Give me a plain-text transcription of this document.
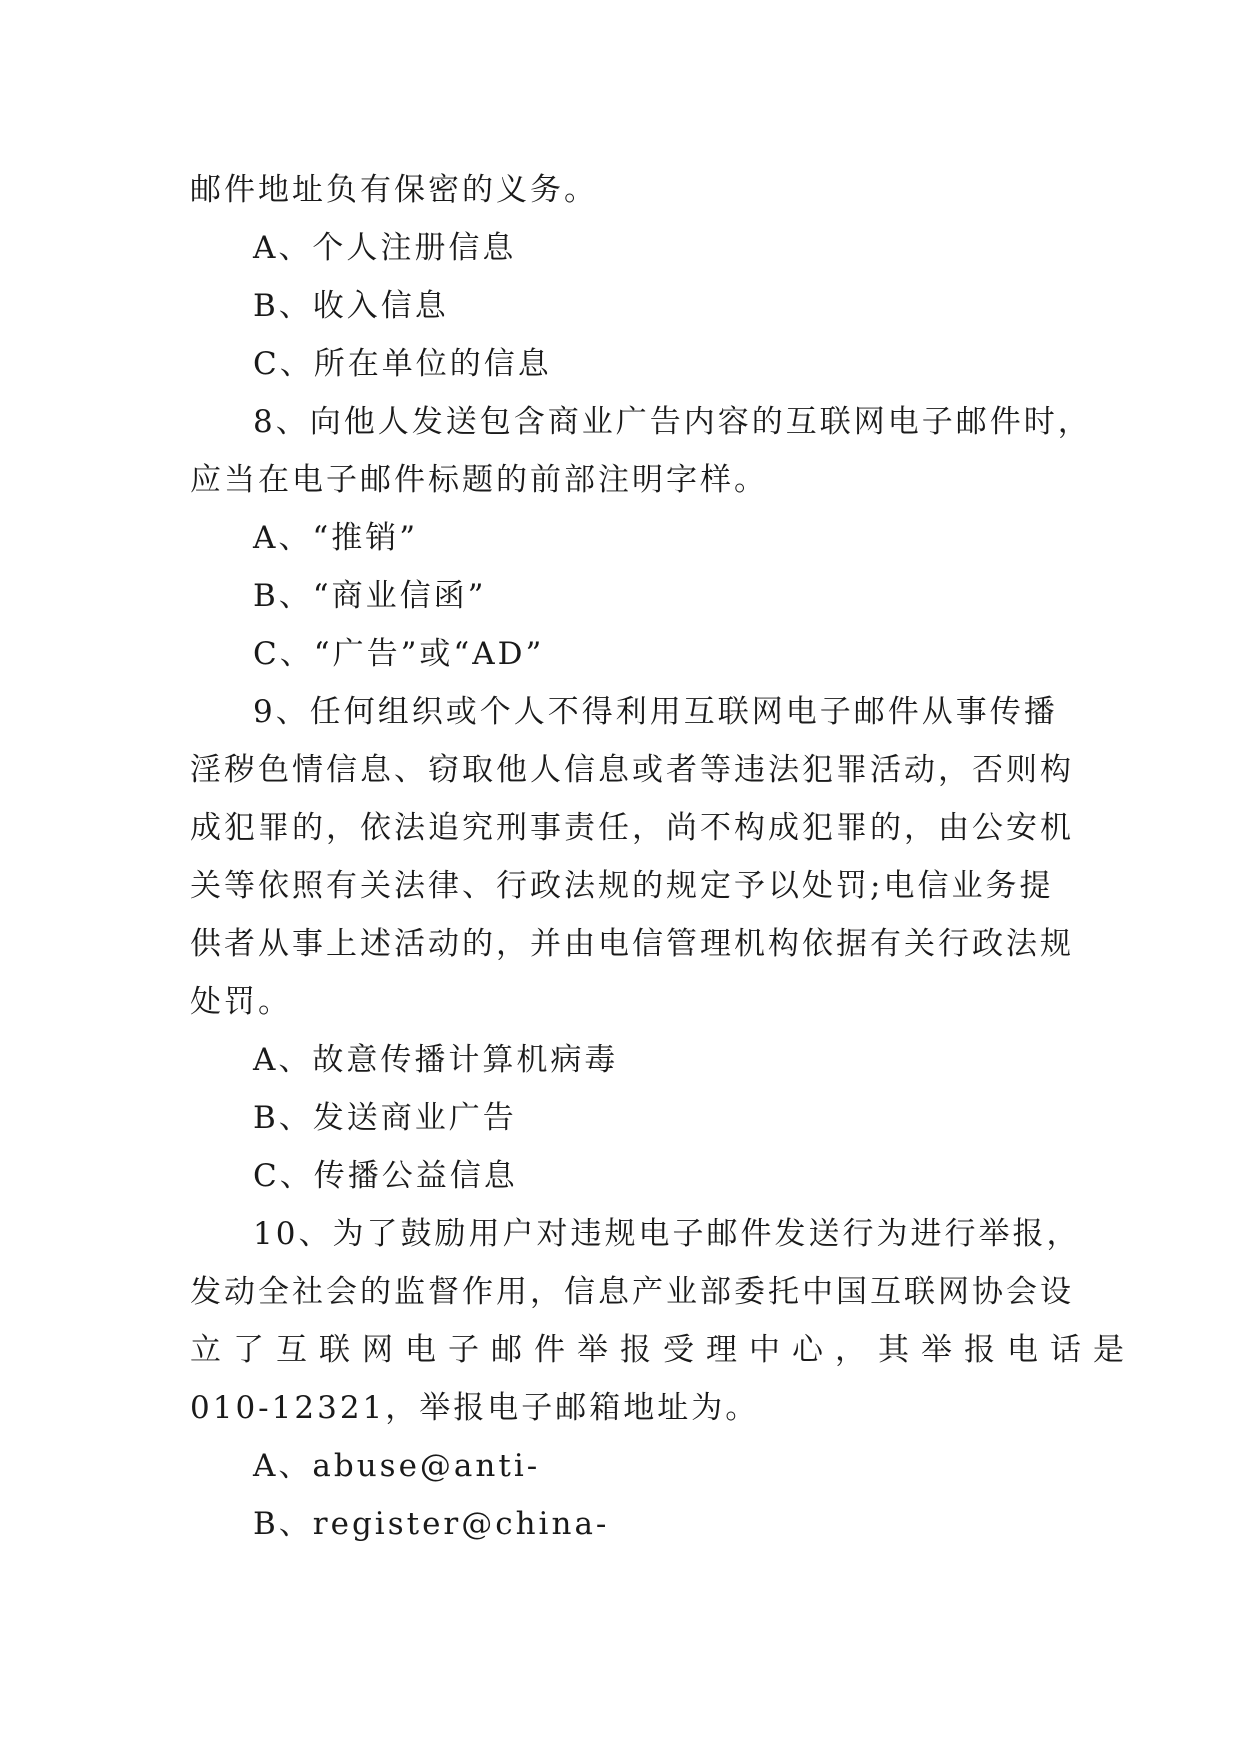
邮件地址负有保密的义务。
A、个人注册信息
B、收入信息
C、所在单位的信息
8、向他人发送包含商业广告内容的互联网电子邮件时，
应当在电子邮件标题的前部注明字样。
A、“推销”
B、“商业信函”
C、“广告”或“AD”
9、任何组织或个人不得利用互联网电子邮件从事传播
淫秽色情信息、窃取他人信息或者等违法犯罪活动，否则构
成犯罪的，依法追究刑事责任，尚不构成犯罪的，由公安机
关等依照有关法律、行政法规的规定予以处罚;电信业务提
供者从事上述活动的，并由电信管理机构依据有关行政法规
处罚。
A、故意传播计算机病毒
B、发送商业广告
C、传播公益信息
10、为了鼓励用户对违规电子邮件发送行为进行举报，
发动全社会的监督作用，信息产业部委托中国互联网协会设
立了互联网电子邮件举报受理中心，其举报电话是
010-12321，举报电子邮箱地址为。
A、abuse@anti-
B、register@china-
